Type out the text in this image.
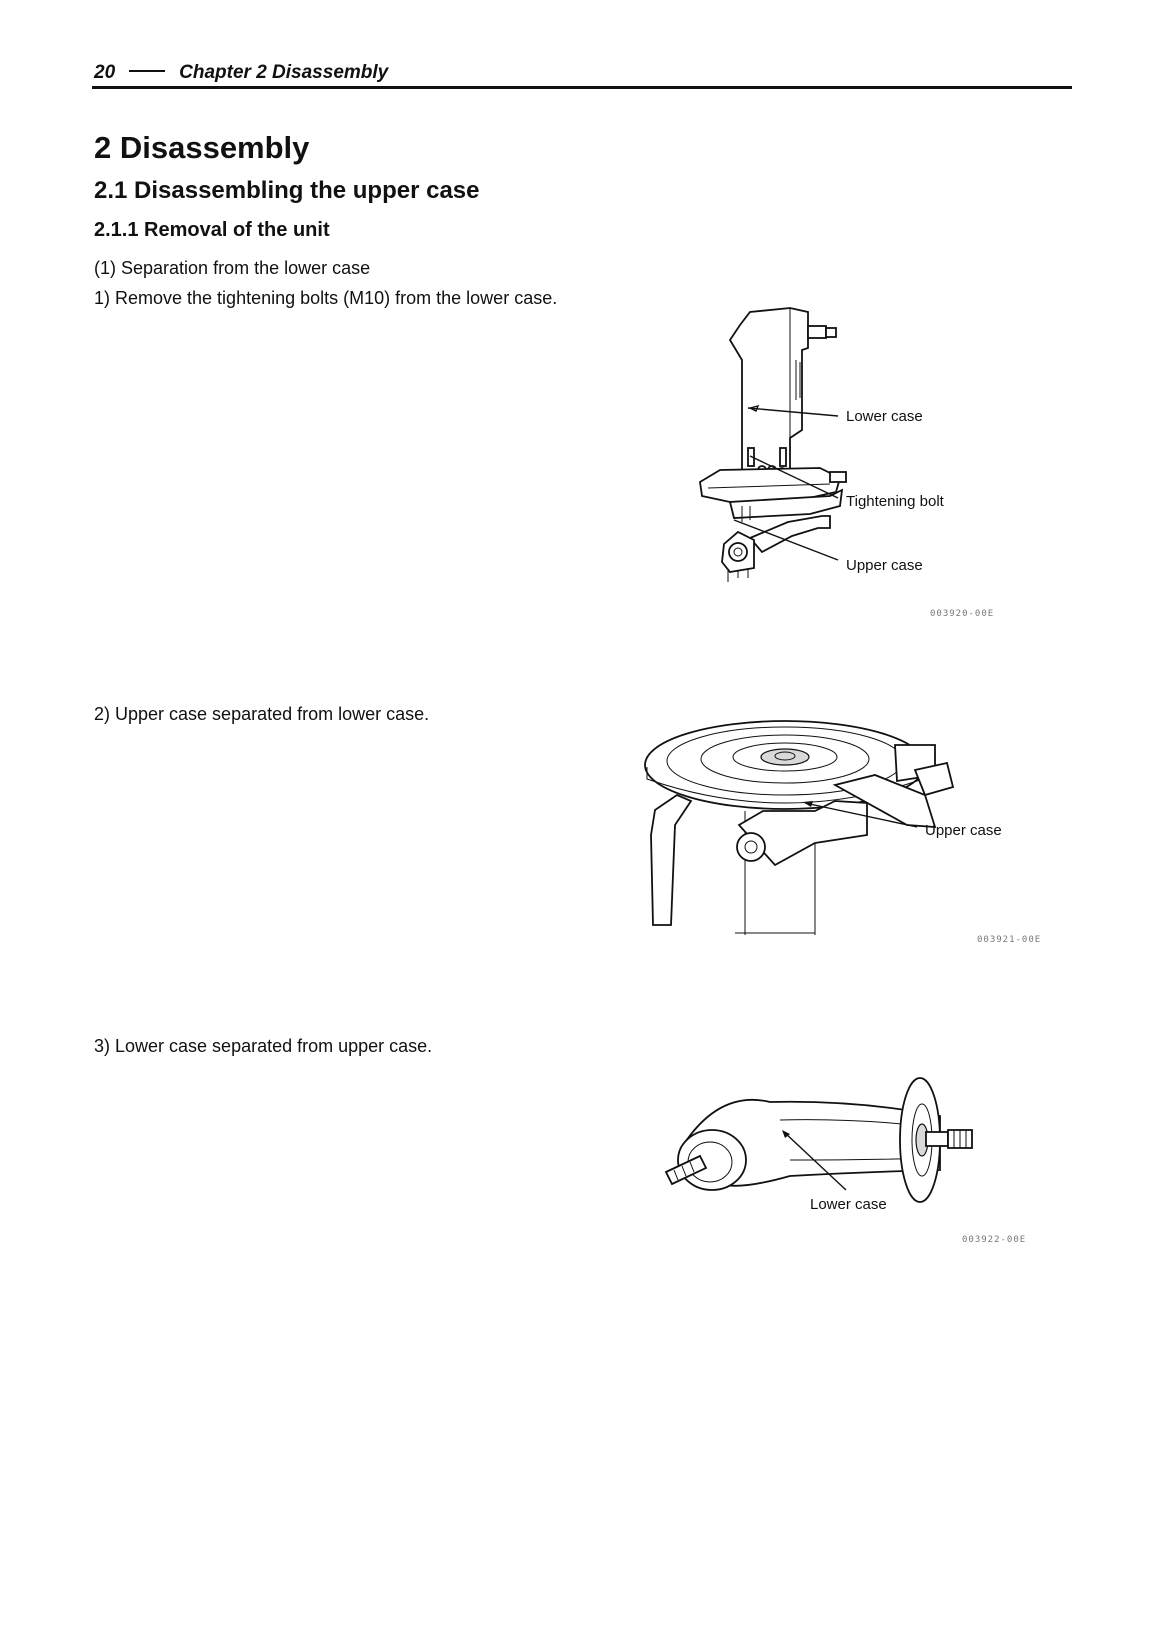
20	Chapter 2 Disassembly
2 Disassembly
2.1 Disassembling the upper case
2.1.1 Removal of the unit
(1) Separation from the lower case
1) Remove the tightening bolts (M10) from the lower case.
2) Upper case separated from lower case.
3) Lower case separated from upper case.
Lower case
Tightening bolt
Upper case
003920-00E
Upper case
003921-00E
Lower case
003922-00E
